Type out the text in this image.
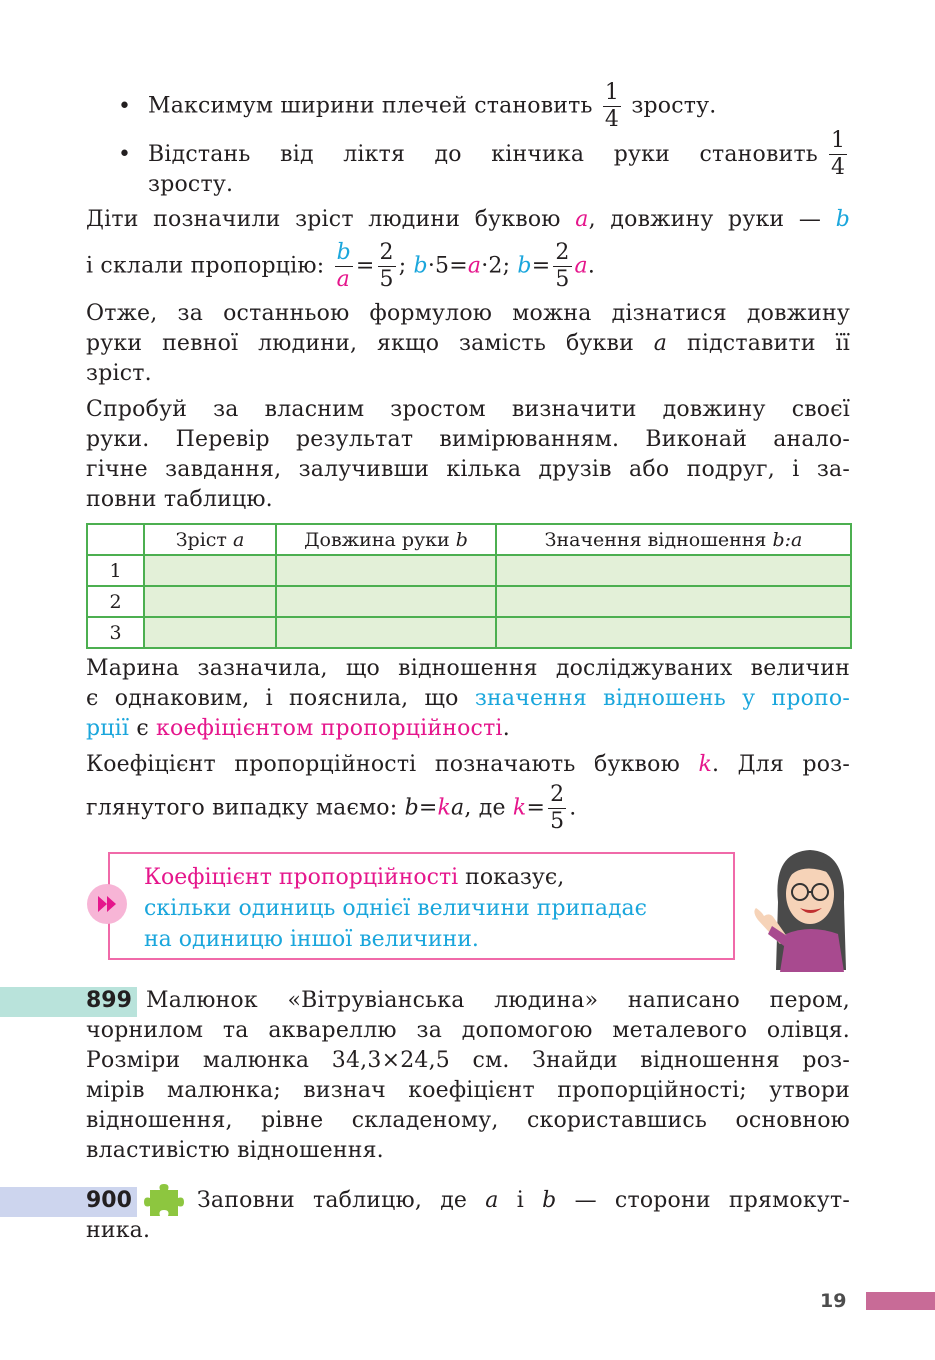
• Максимум ширини плечей становить $\frac{1}{4}$ зросту.
• Відстань від ліктя до кінчика руки становить $\frac{1}{4}$
зросту.
Діти позначили зріст людини буквою a, довжину руки — b
і склали пропорцію: $\frac{b}{a} = \frac{2}{5}$ ; b·5=a·2; $b= \frac{2}{5} a$.
Отже, за останньою формулою можна дізнатися довжину
руки певної людини, якщо замість букви a підставити її
зріст.
Спробуй за власним зростом визначити довжину своєї
руки. Перевір результат вимірюванням. Виконай анало-
гічне завдання, залучивши кілька друзів або подруг, і за-
повни таблицю.
	Зріст a	Довжина руки b	Значення відношення b:a
1			
2			
3			
Марина зазначила, що відношення досліджуваних величин
є однаковим, і пояснила, що значення відношень у пропо-
рції є коефіцієнтом пропорційності.
Коефіцієнт пропорційності позначають буквою k. Для роз-
глянутого випадку маємо: b=ka, де $k= \frac{2}{5}$ .
Коефіцієнт пропорційності показує,
скільки одиниць однієї величини припадає
на одиницю іншої величини.
899 Малюнок «Вітрувіанська людина» написано пером,
чорнилом та аквареллю за допомогою металевого олівця.
Розміри малюнка 34,3×24,5 см. Знайди відношення роз-
мірів малюнка; визнач коефіцієнт пропорційності; утвори
відношення, рівне складеному, скориставшись основною
властивістю відношення.
900	Заповни таблицю, де a і b — сторони прямокут-
ника.
19
